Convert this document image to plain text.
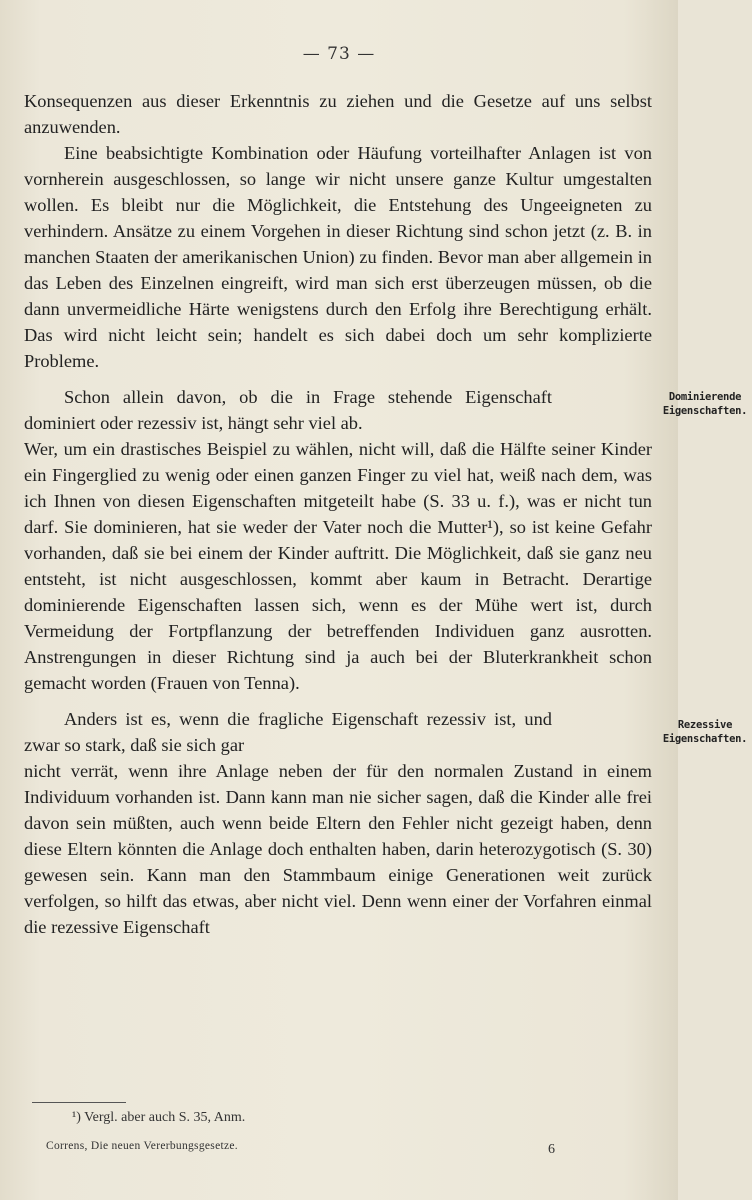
— 73 —

Konsequenzen aus dieser Erkenntnis zu ziehen und die Gesetze auf uns selbst anzuwenden.

Eine beabsichtigte Kombination oder Häufung vorteilhafter Anlagen ist von vornherein ausgeschlossen, so lange wir nicht unsere ganze Kultur umgestalten wollen. Es bleibt nur die Möglichkeit, die Entstehung des Ungeeigneten zu verhindern. Ansätze zu einem Vorgehen in dieser Richtung sind schon jetzt (z. B. in manchen Staaten der amerikanischen Union) zu finden. Bevor man aber allgemein in das Leben des Einzelnen eingreift, wird man sich erst überzeugen müssen, ob die dann unvermeidliche Härte wenigstens durch den Erfolg ihre Berechtigung erhält. Das wird nicht leicht sein; handelt es sich dabei doch um sehr komplizierte Probleme.

Schon allein davon, ob die in Frage stehende Eigenschaft dominiert oder rezessiv ist, hängt sehr viel ab.

Dominierende Eigenschaften.

Wer, um ein drastisches Beispiel zu wählen, nicht will, daß die Hälfte seiner Kinder ein Fingerglied zu wenig oder einen ganzen Finger zu viel hat, weiß nach dem, was ich Ihnen von diesen Eigenschaften mitgeteilt habe (S. 33 u. f.), was er nicht tun darf. Sie dominieren, hat sie weder der Vater noch die Mutter¹), so ist keine Gefahr vorhanden, daß sie bei einem der Kinder auftritt. Die Möglichkeit, daß sie ganz neu entsteht, ist nicht ausgeschlossen, kommt aber kaum in Betracht. Derartige dominierende Eigenschaften lassen sich, wenn es der Mühe wert ist, durch Vermeidung der Fortpflanzung der betreffenden Individuen ganz ausrotten. Anstrengungen in dieser Richtung sind ja auch bei der Bluterkrankheit schon gemacht worden (Frauen von Tenna).

Anders ist es, wenn die fragliche Eigenschaft rezessiv ist, und zwar so stark, daß sie sich gar

Rezessive Eigenschaften.

nicht verrät, wenn ihre Anlage neben der für den normalen Zustand in einem Individuum vorhanden ist. Dann kann man nie sicher sagen, daß die Kinder alle frei davon sein müßten, auch wenn beide Eltern den Fehler nicht gezeigt haben, denn diese Eltern könnten die Anlage doch enthalten haben, darin heterozygotisch (S. 30) gewesen sein. Kann man den Stammbaum einige Generationen weit zurück verfolgen, so hilft das etwas, aber nicht viel. Denn wenn einer der Vorfahren einmal die rezessive Eigenschaft

¹) Vergl. aber auch S. 35, Anm.
Correns, Die neuen Vererbungsgesetze.	6
